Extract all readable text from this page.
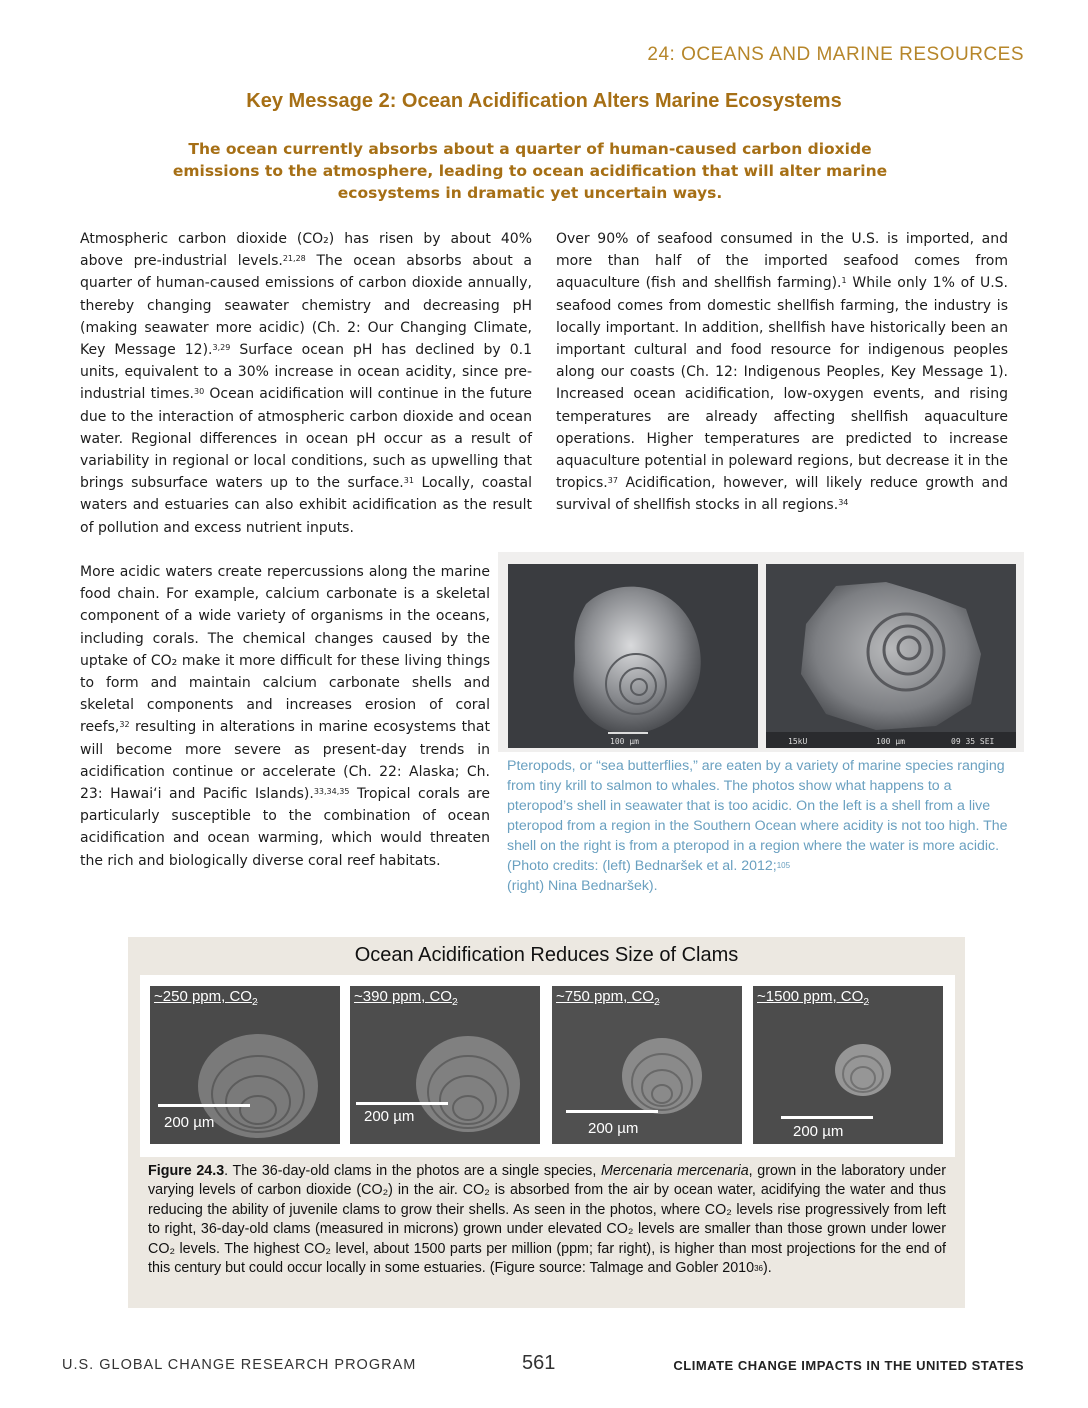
24: OCEANS AND MARINE RESOURCES
Key Message 2: Ocean Acidification Alters Marine Ecosystems
The ocean currently absorbs about a quarter of human-caused carbon dioxide emissions to the atmosphere, leading to ocean acidification that will alter marine ecosystems in dramatic yet uncertain ways.
Atmospheric carbon dioxide (CO₂) has risen by about 40% above pre-industrial levels.$^{21,28}$ The ocean absorbs about a quarter of human-caused emissions of carbon dioxide annually, thereby changing seawater chemistry and decreasing pH (making seawater more acidic) (Ch. 2: Our Changing Climate, Key Message 12).$^{3,29}$ Surface ocean pH has declined by 0.1 units, equivalent to a 30% increase in ocean acidity, since pre-industrial times.$^{30}$ Ocean acidification will continue in the future due to the interaction of atmospheric carbon dioxide and ocean water. Regional differences in ocean pH occur as a result of variability in regional or local conditions, such as upwelling that brings subsurface waters up to the surface.$^{31}$ Locally, coastal waters and estuaries can also exhibit acidification as the result of pollution and excess nutrient inputs.
Over 90% of seafood consumed in the U.S. is imported, and more than half of the imported seafood comes from aquaculture (fish and shellfish farming).$^1$ While only 1% of U.S. seafood comes from domestic shellfish farming, the industry is locally important. In addition, shellfish have historically been an important cultural and food resource for indigenous peoples along our coasts (Ch. 12: Indigenous Peoples, Key Message 1). Increased ocean acidification, low-oxygen events, and rising temperatures are already affecting shellfish aquaculture operations. Higher temperatures are predicted to increase aquaculture potential in poleward regions, but decrease it in the tropics.$^{37}$ Acidification, however, will likely reduce growth and survival of shellfish stocks in all regions.$^{34}$
More acidic waters create repercussions along the marine food chain. For example, calcium carbonate is a skeletal component of a wide variety of organisms in the oceans, including corals. The chemical changes caused by the uptake of CO₂ make it more difficult for these living things to form and maintain calcium carbonate shells and skeletal components and increases erosion of coral reefs,$^{32}$ resulting in alterations in marine ecosystems that will become more severe as present-day trends in acidification continue or accelerate (Ch. 22: Alaska; Ch. 23: Hawai‘i and Pacific Islands).$^{33,34,35}$ Tropical corals are particularly susceptible to the combination of ocean acidification and ocean warming, which would threaten the rich and biologically diverse coral reef habitats.
100 µm	15kU	100 µm	09 35 SEI
Pteropods, or “sea butterflies,” are eaten by a variety of marine species ranging from tiny krill to salmon to whales. The photos show what happens to a pteropod’s shell in seawater that is too acidic. On the left is a shell from a live pteropod from a region in the Southern Ocean where acidity is not too high. The shell on the right is from a pteropod in a region where the water is more acidic. (Photo credits: (left) Bednaršek et al. 2012;$^{105}$
(right) Nina Bednaršek).
Ocean Acidification Reduces Size of Clams
~250 ppm, $CO_2$
200 µm
~390 ppm, $CO_2$
200 µm
~750 ppm, $CO_2$
200 µm
~1500 ppm, $CO_2$
200 µm
Figure 24.3. The 36-day-old clams in the photos are a single species, Mercenaria mercenaria, grown in the laboratory under varying levels of carbon dioxide (CO₂) in the air. CO₂ is absorbed from the air by ocean water, acidifying the water and thus reducing the ability of juvenile clams to grow their shells. As seen in the photos, where CO₂ levels rise progressively from left to right, 36-day-old clams (measured in microns) grown under elevated CO₂ levels are smaller than those grown under lower CO₂ levels. The highest CO₂ level, about 1500 parts per million (ppm; far right), is higher than most projections for the end of this century but could occur locally in some estuaries. (Figure source: Talmage and Gobler 2010$^{36}$).
U.S. GLOBAL CHANGE RESEARCH PROGRAM	561	CLIMATE CHANGE IMPACTS IN THE UNITED STATES
